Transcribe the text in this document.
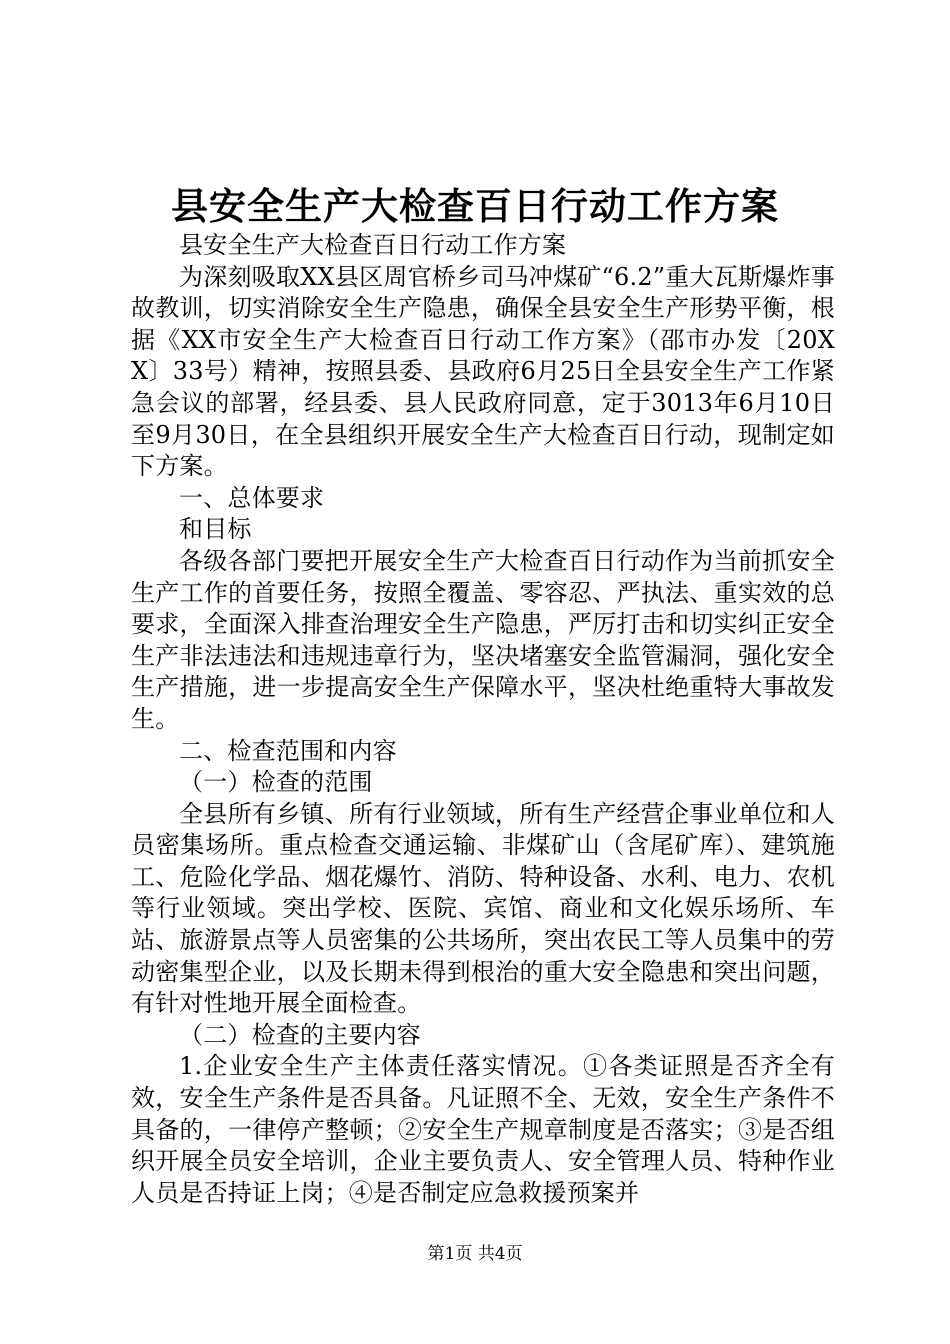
县安全生产大检查百日行动工作方案

县安全生产大检查百日行动工作方案

为深刻吸取XX县区周官桥乡司马冲煤矿“6.2”重大瓦斯爆炸事故教训，切实消除安全生产隐患，确保全县安全生产形势平衡，根据《XX市安全生产大检查百日行动工作方案》（邵市办发〔20XX〕33号）精神，按照县委、县政府6月25日全县安全生产工作紧急会议的部署，经县委、县人民政府同意，定于3013年6月10日至9月30日，在全县组织开展安全生产大检查百日行动，现制定如下方案。

一、总体要求

和目标

各级各部门要把开展安全生产大检查百日行动作为当前抓安全生产工作的首要任务，按照全覆盖、零容忍、严执法、重实效的总要求，全面深入排查治理安全生产隐患，严厉打击和切实纠正安全生产非法违法和违规违章行为，坚决堵塞安全监管漏洞，强化安全生产措施，进一步提高安全生产保障水平，坚决杜绝重特大事故发生。

二、检查范围和内容

（一）检查的范围

全县所有乡镇、所有行业领域，所有生产经营企事业单位和人员密集场所。重点检查交通运输、非煤矿山（含尾矿库）、建筑施工、危险化学品、烟花爆竹、消防、特种设备、水利、电力、农机等行业领域。突出学校、医院、宾馆、商业和文化娱乐场所、车站、旅游景点等人员密集的公共场所，突出农民工等人员集中的劳动密集型企业，以及长期未得到根治的重大安全隐患和突出问题，有针对性地开展全面检查。

（二）检查的主要内容

1.企业安全生产主体责任落实情况。①各类证照是否齐全有效，安全生产条件是否具备。凡证照不全、无效，安全生产条件不具备的，一律停产整顿；②安全生产规章制度是否落实；③是否组织开展全员安全培训，企业主要负责人、安全管理人员、特种作业人员是否持证上岗；④是否制定应急救援预案并

第1页 共4页
